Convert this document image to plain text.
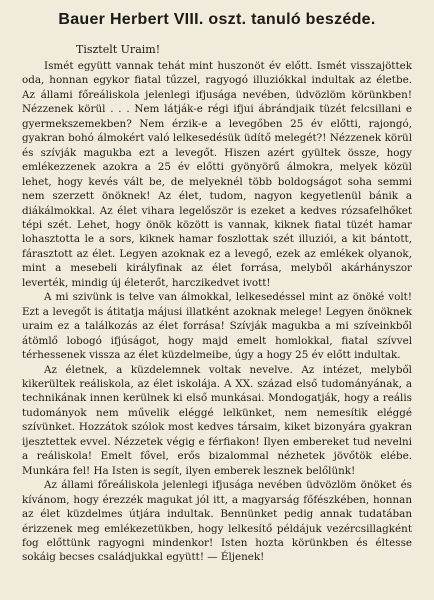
Bauer Herbert VIII. oszt. tanuló beszéde.

Tisztelt Uraim!

Ismét együtt vannak tehát mint huszonöt év előtt. Ismét visszajöttek oda, honnan egykor fiatal tűzzel, ragyogó illuziókkal indultak az életbe. Az állami főreáliskola jelenlegi ifjusága nevében, üdvözlöm körünkben! Nézzenek körül . . . Nem látják-e régi ifjui ábrándjaik tüzét felcsillani e gyermekszemekben? Nem érzik-e a levegőben 25 év előtti, rajongó, gyakran bohó álmokért való lelkesedésük üdítő melegét?! Nézzenek körül és szívják magukba ezt a levegőt. Hiszen azért gyültek össze, hogy emlékezzenek azokra a 25 év előtti gyönyörű álmokra, melyek közül lehet, hogy kevés vált be, de melyeknél több boldogságot soha semmi nem szerzett önöknek! Az élet, tudom, nagyon kegyetlenül bánik a diákálmokkal. Az élet vihara legelőször is ezeket a kedves rózsafelhőket tépi szét. Lehet, hogy önök között is vannak, kiknek fiatal tüzét hamar lohasztotta le a sors, kiknek hamar foszlottak szét illuziói, a kit bántott, fárasztott az élet. Legyen azoknak ez a levegő, ezek az emlékek olyanok, mint a mesebeli királyfinak az élet forrása, melyből akárhányszor leverték, mindig új életerőt, harczikedvet ivott!

A mi szivünk is telve van álmokkal, lelkesedéssel mint az önöké volt! Ezt a levegőt is átitatja májusi illatként azoknak melege! Legyen önöknek uraim ez a találkozás az élet forrása! Szívják magukba a mi szíveinkből átömlő lobogó ifjúságot, hogy majd emelt homlokkal, fiatal szívvel térhessenek vissza az élet küzdelmeibe, úgy a hogy 25 év előtt indultak.

Az életnek, a küzdelemnek voltak nevelve. Az intézet, melyből kikerültek reáliskola, az élet iskolája. A XX. század első tudományának, a technikának innen kerülnek ki első munkásai. Mondogatják, hogy a reális tudományok nem művelik eléggé lelkünket, nem nemesítik eléggé szívünket. Hozzátok szólok most kedves társaim, kiket bizonyára gyakran ijesztettek evvel. Nézzetek végig e férfiakon! Ilyen embereket tud nevelni a reáliskola! Emelt fővel, erős bizalommal nézhetek jövőtök elébe. Munkára fel! Ha Isten is segít, ilyen emberek lesznek belőlünk!

Az állami főreáliskola jelenlegi ifjusága nevében üdvözlöm önöket és kívánom, hogy érezzék magukat jól itt, a magyarság főfészkében, honnan az élet küzdelmes útjára indultak. Bennünket pedig annak tudatában érizzenek meg emlékezetükben, hogy lelkesítő példájuk vezércsillagként fog előttünk ragyogni mindenkor! Isten hozta körünkben és éltesse sokáig becses családjukkal együtt! — Éljenek!
